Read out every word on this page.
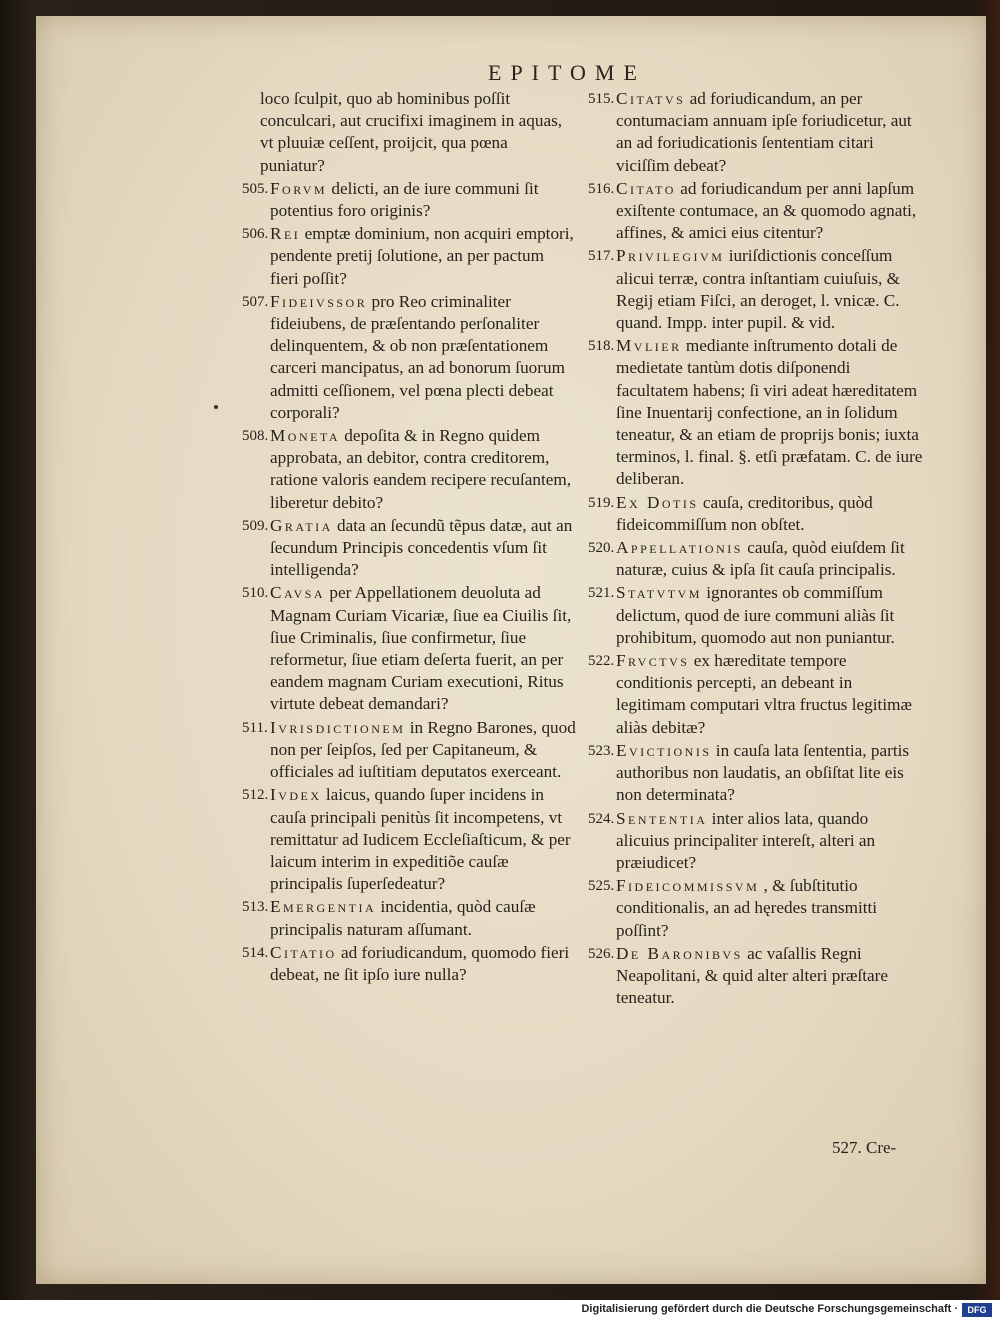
EPITOME
loco ſculpit, quo ab hominibus poſſit conculcari, aut crucifixi imaginem in aquas, vt pluuiæ ceſſent, proijcit, qua pœna puniatur?
505. Forvm delicti, an de iure communi ſit potentius foro originis?
506. Rei emptæ dominium, non acquiri emptori, pendente pretij ſolutione, an per pactum fieri poſſit?
507. Fideivssor pro Reo criminaliter fideiubens, de præſentando perſonaliter delinquentem, & ob non præſentationem carceri mancipatus, an ad bonorum ſuorum admitti ceſſionem, vel pœna plecti debeat corporali?
508. Moneta depoſita & in Regno quidem approbata, an debitor, contra creditorem, ratione valoris eandem recipere recuſantem, liberetur debito?
509. Gratia data an ſecundũ tẽpus datæ, aut an ſecundum Principis concedentis vſum ſit intelligenda?
510. Cavsa per Appellationem deuoluta ad Magnam Curiam Vicariæ, ſiue ea Ciuilis ſit, ſiue Criminalis, ſiue confirmetur, ſiue reformetur, ſiue etiam deſerta fuerit, an per eandem magnam Curiam executioni, Ritus virtute debeat demandari?
511. Ivrisdictionem in Regno Barones, quod non per ſeipſos, ſed per Capitaneum, & officiales ad iuſtitiam deputatos exerceant.
512. Ivdex laicus, quando ſuper incidens in cauſa principali penitùs ſit incompetens, vt remittatur ad Iudicem Eccleſiaſticum, & per laicum interim in expeditiõe cauſæ principalis ſuperſedeatur?
513. Emergentia incidentia, quòd cauſæ principalis naturam aſſumant.
514. Citatio ad foriudicandum, quomodo fieri debeat, ne ſit ipſo iure nulla?
515. Citatvs ad foriudicandum, an per contumaciam annuam ipſe foriudicetur, aut an ad foriudicationis ſententiam citari viciſſim debeat?
516. Citato ad foriudicandum per anni lapſum exiſtente contumace, an & quomodo agnati, affines, & amici eius citentur?
517. Privilegivm iuriſdictionis conceſſum alicui terræ, contra inſtantiam cuiuſuis, & Regij etiam Fiſci, an deroget, l. vnicæ. C. quand. Impp. inter pupil. & vid.
518. Mvlier mediante inſtrumento dotali de medietate tantùm dotis diſponendi facultatem habens; ſi viri adeat hæreditatem ſine Inuentarij confectione, an in ſolidum teneatur, & an etiam de proprijs bonis; iuxta terminos, l. final. §. etſi præfatam. C. de iure deliberan.
519. Ex Dotis cauſa, creditoribus, quòd fideicommiſſum non obſtet.
520. Appellationis cauſa, quòd eiuſdem ſit naturæ, cuius & ipſa ſit cauſa principalis.
521. Statvtvm ignorantes ob commiſſum delictum, quod de iure communi aliàs ſit prohibitum, quomodo aut non puniantur.
522. Frvctvs ex hæreditate tempore conditionis percepti, an debeant in legitimam computari vltra fructus legitimæ aliàs debitæ?
523. Evictionis in cauſa lata ſententia, partis authoribus non laudatis, an obſiſtat lite eis non determinata?
524. Sententia inter alios lata, quando alicuius principaliter intereſt, alteri an præiudicet?
525. Fideicommissvm , & ſubſtitutio conditionalis, an ad hęredes transmitti poſſint?
526. De Baronibvs ac vaſallis Regni Neapolitani, & quid alter alteri præſtare teneatur.
527. Cre-
Digitalisierung gefördert durch die Deutsche Forschungsgemeinschaft ·	DFG
